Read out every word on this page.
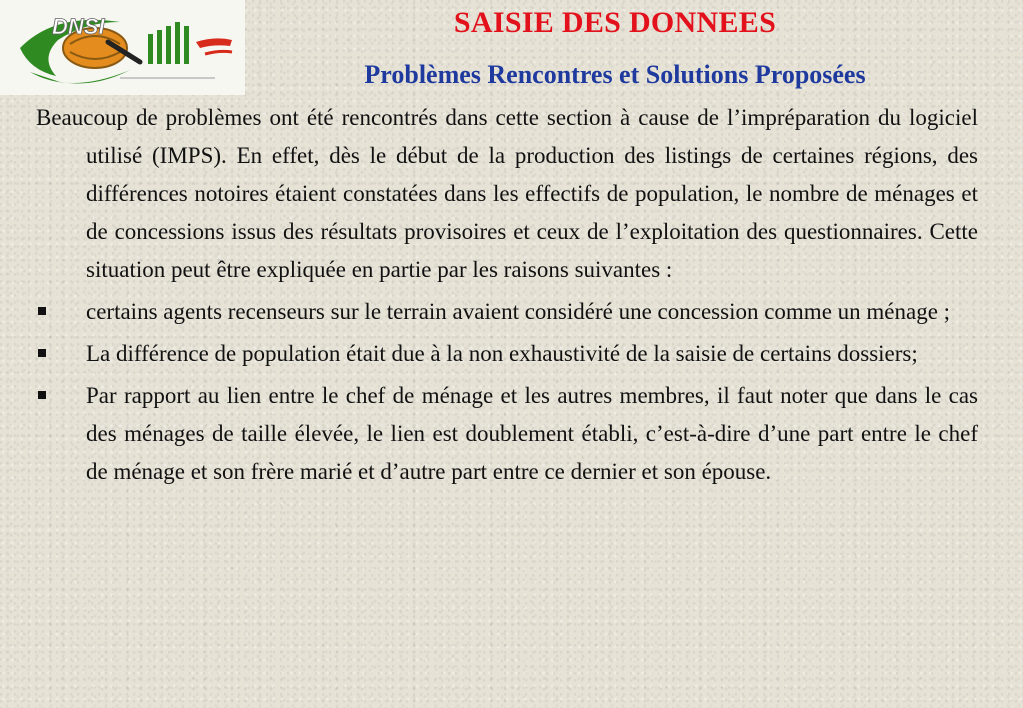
DNSI	SAISIE DES DONNEES
Problèmes Rencontres et Solutions Proposées

Beaucoup de problèmes ont été rencontrés dans cette section à cause de l’impréparation du logiciel utilisé (IMPS). En effet, dès le début de la production des listings de certaines régions, des différences notoires étaient constatées dans les effectifs de population, le nombre de ménages et de concessions issus des résultats provisoires et ceux de l’exploitation des questionnaires. Cette situation peut être expliquée en partie par les raisons suivantes :

certains agents recenseurs sur le terrain avaient considéré une concession comme un ménage ;
La différence de population était due à la non exhaustivité de la saisie de certains dossiers;
Par rapport au lien entre le chef de ménage et les autres membres, il faut noter que dans le cas des ménages de taille élevée, le lien est doublement établi, c’est-à-dire d’une part entre le chef de ménage et son frère marié et d’autre part entre ce dernier et son épouse.
